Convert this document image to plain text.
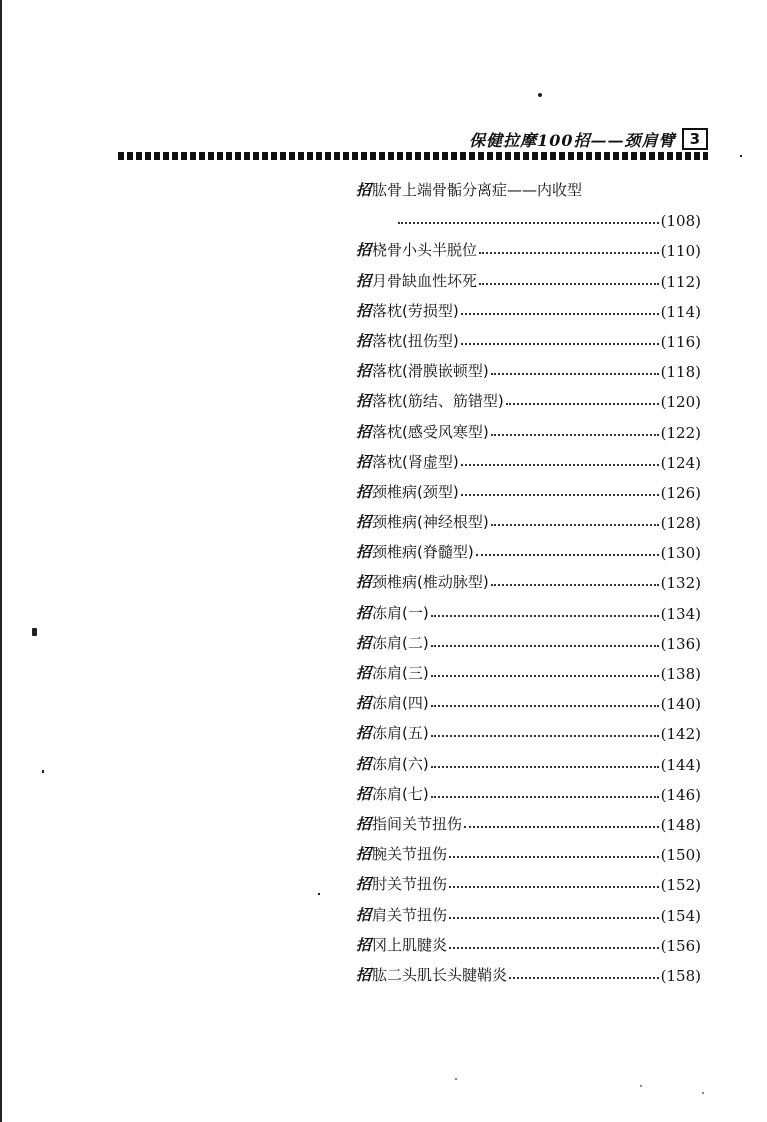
保健拉摩100招——颈肩臂 3
招 肱骨上端骨骺分离症——内收型
(108)
招 桡骨小头半脱位	(110)
招 月骨缺血性坏死	(112)
招 落枕(劳损型)	(114)
招 落枕(扭伤型)	(116)
招 落枕(滑膜嵌顿型)	(118)
招 落枕(筋结、筋错型)	(120)
招 落枕(感受风寒型)	(122)
招 落枕(肾虚型)	(124)
招 颈椎病(颈型)	(126)
招 颈椎病(神经根型)	(128)
招 颈椎病(脊髓型)	(130)
招 颈椎病(椎动脉型)	(132)
招 冻肩(一)	(134)
招 冻肩(二)	(136)
招 冻肩(三)	(138)
招 冻肩(四)	(140)
招 冻肩(五)	(142)
招 冻肩(六)	(144)
招 冻肩(七)	(146)
招 指间关节扭伤	(148)
招 腕关节扭伤	(150)
招 肘关节扭伤	(152)
招 肩关节扭伤	(154)
招 冈上肌腱炎	(156)
招 肱二头肌长头腱鞘炎	(158)
